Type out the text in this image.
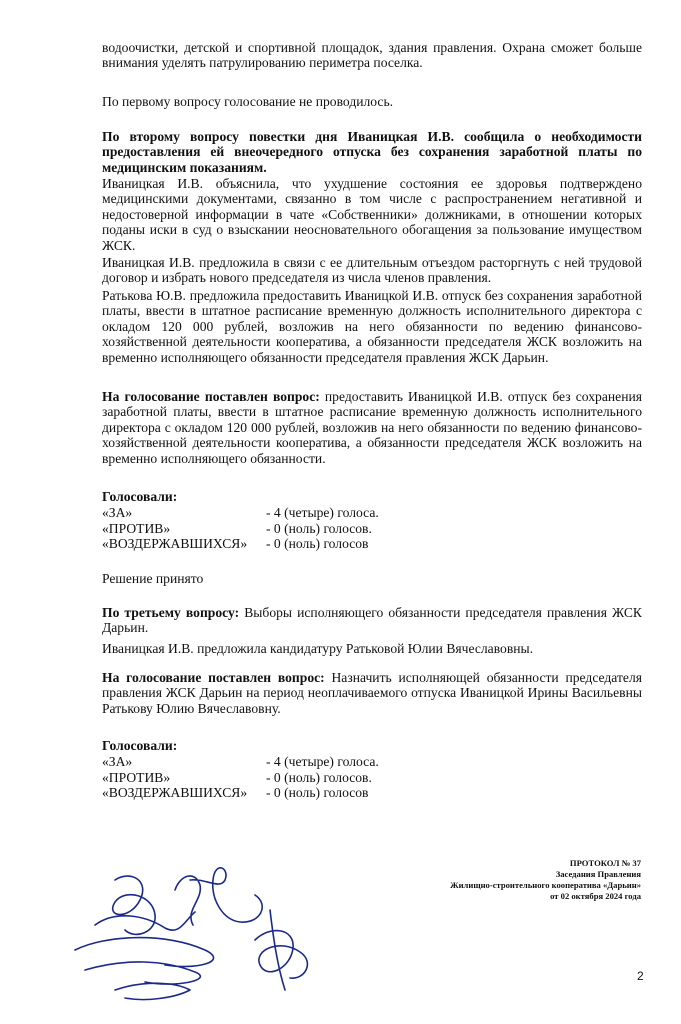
водоочистки, детской и спортивной площадок, здания правления. Охрана сможет больше внимания уделять патрулированию периметра поселка.

По первому вопросу голосование не проводилось.

По второму вопросу повестки дня Иваницкая И.В. сообщила о необходимости предоставления ей внеочередного отпуска без сохранения заработной платы по медицинским показаниям.

Иваницкая И.В. объяснила, что ухудшение состояния ее здоровья подтверждено медицинскими документами, связанно в том числе с распространением негативной и недостоверной информации в чате «Собственники» должниками, в отношении которых поданы иски в суд о взыскании неосновательного обогащения за пользование имуществом ЖСК.

Иваницкая И.В. предложила в связи с ее длительным отъездом расторгнуть с ней трудовой договор и избрать нового председателя из числа членов правления.

Ратькова Ю.В. предложила предоставить Иваницкой И.В. отпуск без сохранения заработной платы, ввести в штатное расписание временную должность исполнительного директора с окладом 120 000 рублей, возложив на него обязанности по ведению финансово-хозяйственной деятельности кооператива, а обязанности председателя ЖСК возложить на временно исполняющего обязанности председателя правления ЖСК Дарьин.

На голосование поставлен вопрос: предоставить Иваницкой И.В. отпуск без сохранения заработной платы, ввести в штатное расписание временную должность исполнительного директора с окладом 120 000 рублей, возложив на него обязанности по ведению финансово-хозяйственной деятельности кооператива, а обязанности председателя ЖСК возложить на временно исполняющего обязанности.

Голосовали:
«ЗА»	- 4 (четыре) голоса.
«ПРОТИВ»	- 0 (ноль) голосов.
«ВОЗДЕРЖАВШИХСЯ»	- 0 (ноль) голосов

Решение принято

По третьему вопросу: Выборы исполняющего обязанности председателя правления ЖСК Дарьин.

Иваницкая И.В. предложила кандидатуру Ратьковой Юлии Вячеславовны.

На голосование поставлен вопрос: Назначить исполняющей обязанности председателя правления ЖСК Дарьин на период неоплачиваемого отпуска Иваницкой Ирины Васильевны Ратькову Юлию Вячеславовну.

Голосовали:
«ЗА»	- 4 (четыре) голоса.
«ПРОТИВ»	- 0 (ноль) голосов.
«ВОЗДЕРЖАВШИХСЯ»	- 0 (ноль) голосов
ПРОТОКОЛ № 37
Заседания Правления
Жилищно-строительного кооператива «Дарьин»
от 02 октября 2024 года
2
